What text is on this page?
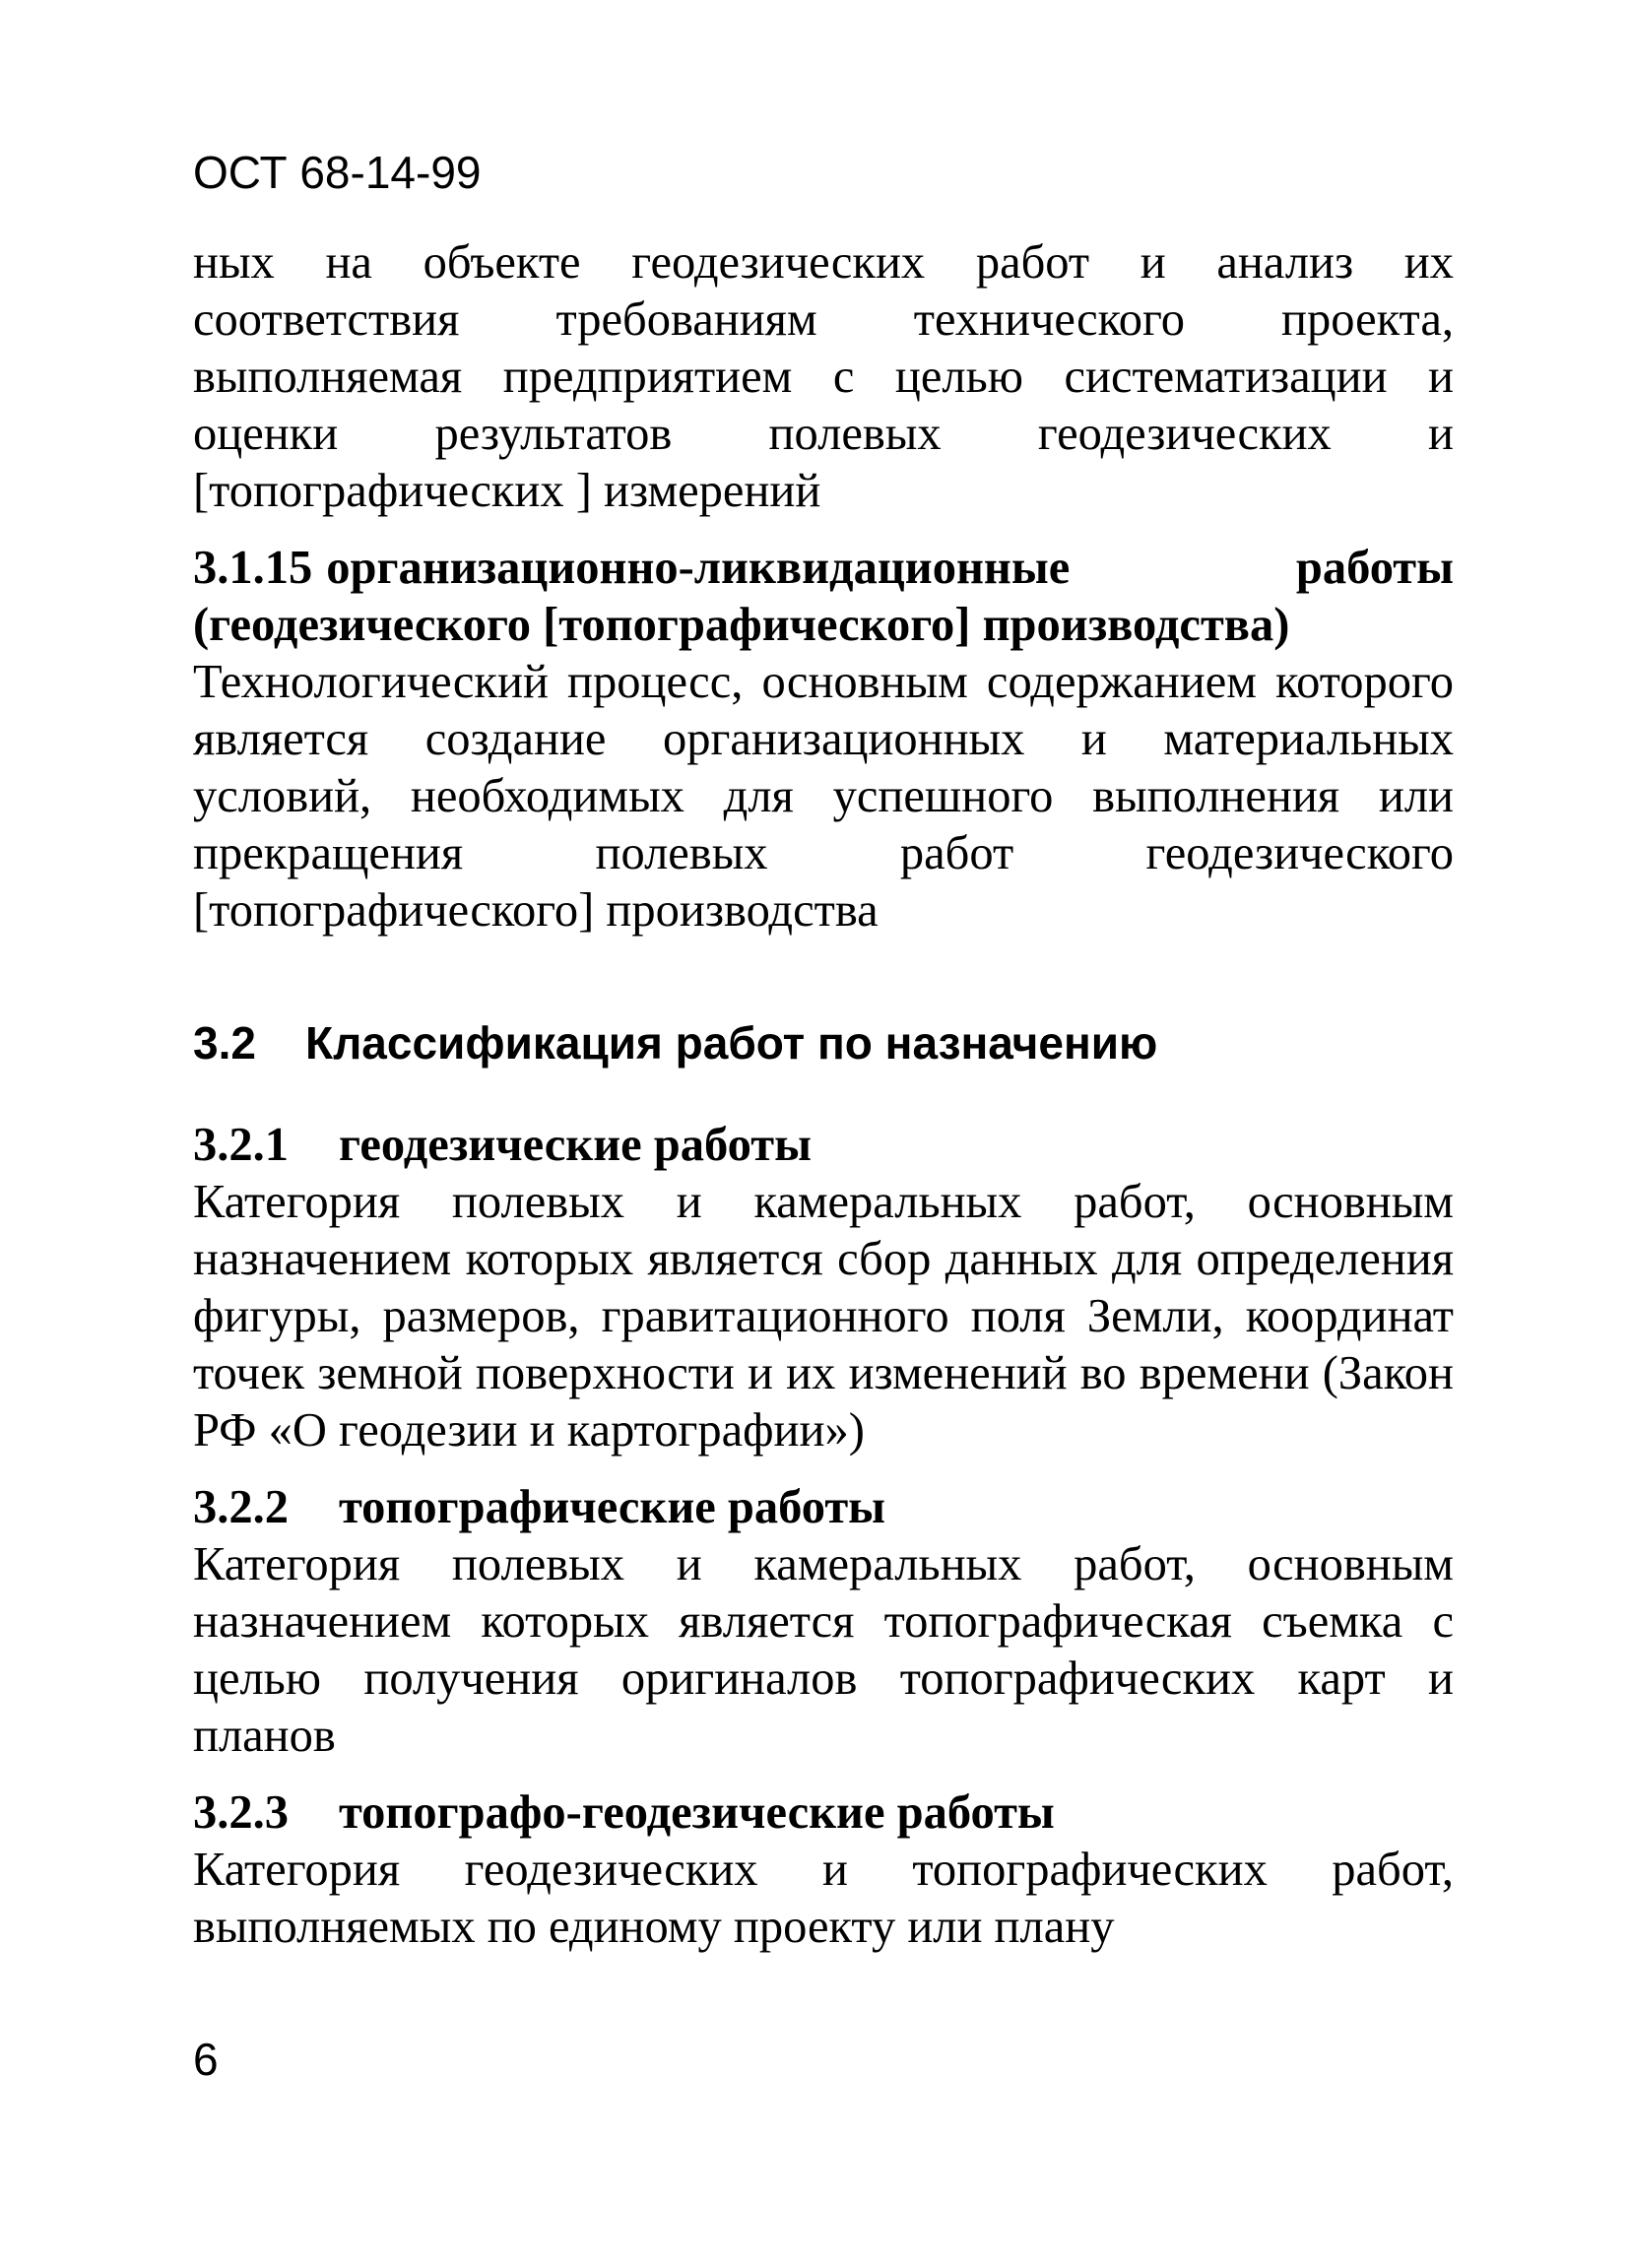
ОСТ 68-14-99

ных на объекте геодезических работ и анализ их соответствия требованиям технического проекта, выполняемая предприятием с целью систематизации и оценки результатов полевых геодезических и [топографических ] измерений

3.1.15 организационно-ликвидационные работы (геодезического [топографического] производства)

Технологический процесс, основным содержанием которого является создание организационных и материальных условий, необходимых для успешного выполнения или прекращения полевых работ геодезического [топографического] производства

3.2 Классификация работ по назначению

3.2.1 геодезические работы

Категория полевых и камеральных работ, основным назначением которых является сбор данных для определения фигуры, размеров, гравитационного поля Земли, координат точек земной поверхности и их изменений во времени (Закон РФ «О геодезии и картографии»)

3.2.2 топографические работы

Категория полевых и камеральных работ, основным назначением которых является топографическая съемка с целью получения оригиналов топографических карт и планов

3.2.3 топографо-геодезические работы

Категория геодезических и топографических работ, выполняемых по единому проекту или плану

6
